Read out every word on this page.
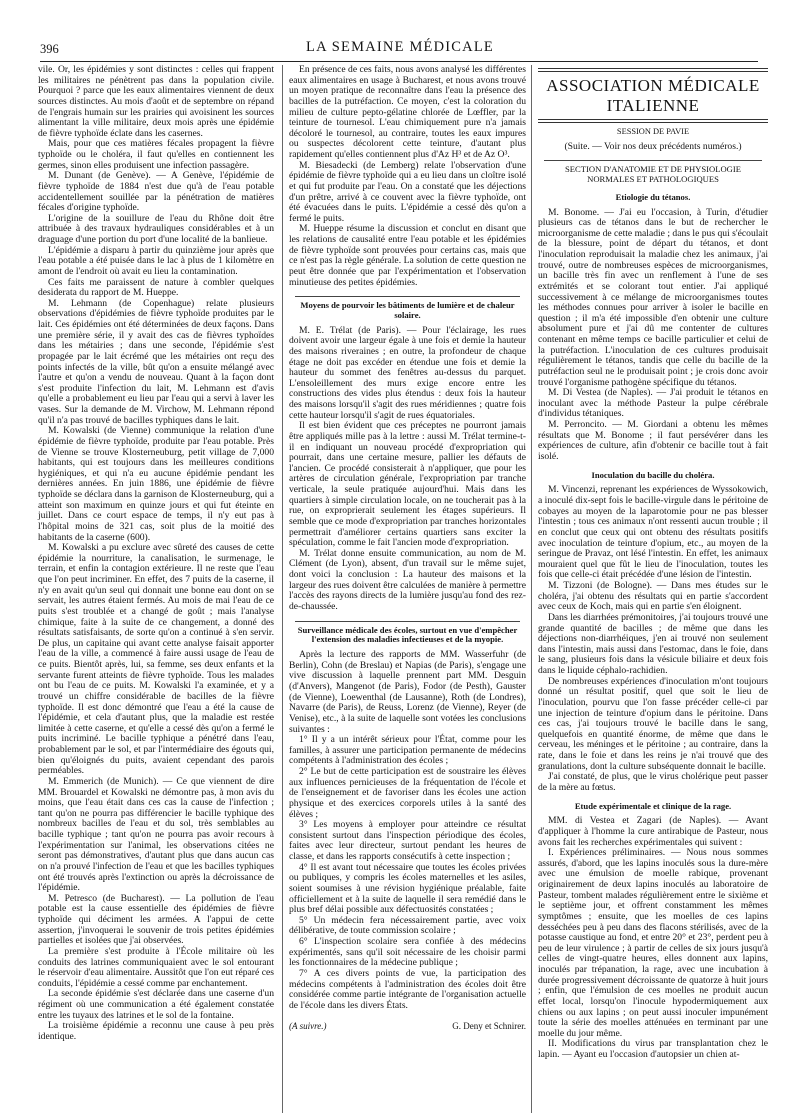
396	LA SEMAINE MÉDICALE

vile. Or, les épidémies y sont distinctes : celles qui frappent les militaires ne pénètrent pas dans la population civile. Pourquoi ? parce que les eaux alimentaires viennent de deux sources distinctes. Au mois d'août et de septembre on répand de l'engrais humain sur les prairies qui avoisinent les sources alimentant la ville militaire, deux mois après une épidémie de fièvre typhoïde éclate dans les casernes.

Mais, pour que ces matières fécales propagent la fièvre typhoïde ou le choléra, il faut qu'elles en contiennent les germes, sinon elles produisent une infection passagère.

M. Dunant (de Genève). — A Genève, l'épidémie de fièvre typhoïde de 1884 n'est due qu'à de l'eau potable accidentellement souillée par la pénétration de matières fécales d'origine typhoïde.

L'origine de la souillure de l'eau du Rhône doit être attribuée à des travaux hydrauliques considérables et à un draguage d'une portion du port d'une localité de la banlieue.

L'épidémie a disparu à partir du quinzième jour après que l'eau potable a été puisée dans le lac à plus de 1 kilomètre en amont de l'endroit où avait eu lieu la contamination.

Ces faits me paraissent de nature à combler quelques desiderata du rapport de M. Hueppe.

M. Lehmann (de Copenhague) relate plusieurs observations d'épidémies de fièvre typhoïde produites par le lait. Ces épidémies ont été déterminées de deux façons. Dans une première série, il y avait des cas de fièvres typhoïdes dans les métairies ; dans une seconde, l'épidémie s'est propagée par le lait écrémé que les métairies ont reçu des points infectés de la ville, bût qu'on a ensuite mélangé avec l'autre et qu'on a vendu de nouveau. Quant à la façon dont s'est produite l'infection du lait, M. Lehmann est d'avis qu'elle a probablement eu lieu par l'eau qui a servi à laver les vases. Sur la demande de M. Virchow, M. Lehmann répond qu'il n'a pas trouvé de bacilles typhiques dans le lait.

M. Kowalski (de Vienne) communique la relation d'une épidémie de fièvre typhoïde, produite par l'eau potable. Près de Vienne se trouve Klosterneuburg, petit village de 7,000 habitants, qui est toujours dans les meilleures conditions hygiéniques, et qui n'a eu aucune épidémie pendant les dernières années. En juin 1886, une épidémie de fièvre typhoïde se déclara dans la garnison de Klosterneuburg, qui a atteint son maximum en quinze jours et qui fut éteinte en juillet. Dans ce court espace de temps, il n'y eut pas à l'hôpital moins de 321 cas, soit plus de la moitié des habitants de la caserne (600).

M. Kowalski a pu exclure avec sûreté des causes de cette épidémie la nourriture, la canalisation, le surmenage, le terrain, et enfin la contagion extérieure. Il ne reste que l'eau que l'on peut incriminer. En effet, des 7 puits de la caserne, il n'y en avait qu'un seul qui donnait une bonne eau dont on se servait, les autres étaient fermés. Au mois de mai l'eau de ce puits s'est troublée et a changé de goût ; mais l'analyse chimique, faite à la suite de ce changement, a donné des résultats satisfaisants, de sorte qu'on a continué à s'en servir. De plus, un capitaine qui avant cette analyse faisait apporter l'eau de la ville, a commencé à faire aussi usage de l'eau de ce puits. Bientôt après, lui, sa femme, ses deux enfants et la servante furent atteints de fièvre typhoïde. Tous les malades ont bu l'eau de ce puits. M. Kowalski l'a examinée, et y a trouvé un chiffre considérable de bacilles de la fièvre typhoïde. Il est donc démontré que l'eau a été la cause de l'épidémie, et cela d'autant plus, que la maladie est restée limitée à cette caserne, et qu'elle a cessé dès qu'on a fermé le puits incriminé. Le bacille typhique a pénétré dans l'eau, probablement par le sol, et par l'intermédiaire des égouts qui, bien qu'éloignés du puits, avaient cependant des parois perméables.

M. Emmerich (de Munich). — Ce que viennent de dire MM. Brouardel et Kowalski ne démontre pas, à mon avis du moins, que l'eau était dans ces cas la cause de l'infection ; tant qu'on ne pourra pas différencier le bacille typhique des nombreux bacilles de l'eau et du sol, très semblables au bacille typhique ; tant qu'on ne pourra pas avoir recours à l'expérimentation sur l'animal, les observations citées ne seront pas démonstratives, d'autant plus que dans aucun cas on n'a prouvé l'infection de l'eau et que les bacilles typhiques ont été trouvés après l'extinction ou après la décroissance de l'épidémie.

M. Petresco (de Bucharest). — La pollution de l'eau potable est la cause essentielle des épidémies de fièvre typhoïde qui déciment les armées. A l'appui de cette assertion, j'invoquerai le souvenir de trois petites épidémies partielles et isolées que j'ai observées.

La première s'est produite à l'École militaire où les conduits des latrines communiquaient avec le sol entourant le réservoir d'eau alimentaire. Aussitôt que l'on eut réparé ces conduits, l'épidémie a cessé comme par enchantement.

La seconde épidémie s'est déclarée dans une caserne d'un régiment où une communication a été également constatée entre les tuyaux des latrines et le sol de la fontaine.

La troisième épidémie a reconnu une cause à peu près identique.

En présence de ces faits, nous avons analysé les différentes eaux alimentaires en usage à Bucharest, et nous avons trouvé un moyen pratique de reconnaître dans l'eau la présence des bacilles de la putréfaction. Ce moyen, c'est la coloration du milieu de culture pepto-gélatine chlorée de Lœffler, par la teinture de tournesol. L'eau chimiquement pure n'a jamais décoloré le tournesol, au contraire, toutes les eaux impures ou suspectes décolorent cette teinture, d'autant plus rapidement qu'elles contiennent plus d'Az H³ et de Az O³.

M. Biesadecki (de Lemberg) relate l'observation d'une épidémie de fièvre typhoïde qui a eu lieu dans un cloître isolé et qui fut produite par l'eau. On a constaté que les déjections d'un prêtre, arrivé à ce couvent avec la fièvre typhoïde, ont été évacuées dans le puits. L'épidémie a cessé dès qu'on a fermé le puits.

M. Hueppe résume la discussion et conclut en disant que les relations de causalité entre l'eau potable et les épidémies de fièvre typhoïde sont prouvées pour certains cas, mais que ce n'est pas la règle générale. La solution de cette question ne peut être donnée que par l'expérimentation et l'observation minutieuse des petites épidémies.

Moyens de pourvoir les bâtiments de lumière et de chaleur solaire.

M. E. Trélat (de Paris). — Pour l'éclairage, les rues doivent avoir une largeur égale à une fois et demie la hauteur des maisons riveraines ; en outre, la profondeur de chaque étage ne doit pas excéder en étendue une fois et demie la hauteur du sommet des fenêtres au-dessus du parquet. L'ensoleillement des murs exige encore entre les constructions des vides plus étendus : deux fois la hauteur des maisons lorsqu'il s'agit des rues méridiennes ; quatre fois cette hauteur lorsqu'il s'agit de rues équatoriales.

Il est bien évident que ces préceptes ne pourront jamais être appliqués mille pas à la lettre : aussi M. Trélat termine-t-il en indiquant un nouveau procédé d'expropriation qui pourrait, dans une certaine mesure, pallier les défauts de l'ancien. Ce procédé consisterait à n'appliquer, que pour les artères de circulation générale, l'expropriation par tranche verticale, la seule pratiquée aujourd'hui. Mais dans les quartiers à simple circulation locale, on ne toucherait pas à la rue, on exproprierait seulement les étages supérieurs. Il semble que ce mode d'expropriation par tranches horizontales permettrait d'améliorer certains quartiers sans exciter la spéculation, comme le fait l'ancien mode d'expropriation.

M. Trélat donne ensuite communication, au nom de M. Clément (de Lyon), absent, d'un travail sur le même sujet, dont voici la conclusion : La hauteur des maisons et la largeur des rues doivent être calculées de manière à permettre l'accès des rayons directs de la lumière jusqu'au fond des rez-de-chaussée.

Surveillance médicale des écoles, surtout en vue d'empêcher l'extension des maladies infectieuses et de la myopie.

Après la lecture des rapports de MM. Wasserfuhr (de Berlin), Cohn (de Breslau) et Napias (de Paris), s'engage une vive discussion à laquelle prennent part MM. Desguin (d'Anvers), Mangenot (de Paris), Fodor (de Pesth), Gauster (de Vienne), Loewenthal (de Lausanne), Roth (de Londres), Navarre (de Paris), de Reuss, Lorenz (de Vienne), Reyer (de Venise), etc., à la suite de laquelle sont votées les conclusions suivantes :

1° Il y a un intérêt sérieux pour l'État, comme pour les familles, à assurer une participation permanente de médecins compétents à l'administration des écoles ;

2° Le but de cette participation est de soustraire les élèves aux influences pernicieuses de la fréquentation de l'école et de l'enseignement et de favoriser dans les écoles une action physique et des exercices corporels utiles à la santé des élèves ;

3° Les moyens à employer pour atteindre ce résultat consistent surtout dans l'inspection périodique des écoles, faites avec leur directeur, surtout pendant les heures de classe, et dans les rapports consécutifs à cette inspection ;

4° Il est avant tout nécessaire que toutes les écoles privées ou publiques, y compris les écoles maternelles et les asiles, soient soumises à une révision hygiénique préalable, faite officiellement et à la suite de laquelle il sera remédié dans le plus bref délai possible aux défectuosités constatées ;

5° Un médecin fera nécessairement partie, avec voix délibérative, de toute commission scolaire ;

6° L'inspection scolaire sera confiée à des médecins expérimentés, sans qu'il soit nécessaire de les choisir parmi les fonctionnaires de la médecine publique ;

7° A ces divers points de vue, la participation des médecins compétents à l'administration des écoles doit être considérée comme partie intégrante de l'organisation actuelle de l'école dans les divers États.

(A suivre.)	G. Deny et Schnirer.
ASSOCIATION MÉDICALE ITALIENNE

SESSION DE PAVIE

(Suite. — Voir nos deux précédents numéros.)

SECTION D'ANATOMIE ET DE PHYSIOLOGIE NORMALES ET PATHOLOGIQUES
Etiologie du tétanos.

M. Bonome. — J'ai eu l'occasion, à Turin, d'étudier plusieurs cas de tétanos dans le but de rechercher le microorganisme de cette maladie ; dans le pus qui s'écoulait de la blessure, point de départ du tétanos, et dont l'inoculation reproduisait la maladie chez les animaux, j'ai trouvé, outre de nombreuses espèces de microorganismes, un bacille très fin avec un renflement à l'une de ses extrémités et se colorant tout entier. J'ai appliqué successivement à ce mélange de microorganismes toutes les méthodes connues pour arriver à isoler le bacille en question ; il m'a été impossible d'en obtenir une culture absolument pure et j'ai dû me contenter de cultures contenant en même temps ce bacille particulier et celui de la putréfaction. L'inoculation de ces cultures produisait régulièrement le tétanos, tandis que celle du bacille de la putréfaction seul ne le produisait point ; je crois donc avoir trouvé l'organisme pathogène spécifique du tétanos.

M. Di Vestea (de Naples). — J'ai produit le tétanos en inoculant avec la méthode Pasteur la pulpe cérébrale d'individus tétaniques.

M. Perroncito. — M. Giordani a obtenu les mêmes résultats que M. Bonome ; il faut persévérer dans les expériences de culture, afin d'obtenir ce bacille tout à fait isolé.

Inoculation du bacille du choléra.

M. Vincenzi, reprenant les expériences de Wyssokowich, a inoculé dix-sept fois le bacille-virgule dans le péritoine de cobayes au moyen de la laparotomie pour ne pas blesser l'intestin ; tous ces animaux n'ont ressenti aucun trouble ; il en conclut que ceux qui ont obtenu des résultats positifs avec inoculation de teinture d'opium, etc., au moyen de la seringue de Pravaz, ont lésé l'intestin. En effet, les animaux mouraient quel que fût le lieu de l'inoculation, toutes les fois que celle-ci était précédée d'une lésion de l'intestin.

M. Tizzoni (de Bologne). — Dans mes études sur le choléra, j'ai obtenu des résultats qui en partie s'accordent avec ceux de Koch, mais qui en partie s'en éloignent.

Dans les diarrhées prémonitoires, j'ai toujours trouvé une grande quantité de bacilles ; de même que dans les déjections non-diarrhéiques, j'en ai trouvé non seulement dans l'intestin, mais aussi dans l'estomac, dans le foie, dans le sang, plusieurs fois dans la vésicule biliaire et deux fois dans le liquide céphalo-rachidien.

De nombreuses expériences d'inoculation m'ont toujours donné un résultat positif, quel que soit le lieu de l'inoculation, pourvu que l'on fasse précéder celle-ci par une injection de teinture d'opium dans le péritoine. Dans ces cas, j'ai toujours trouvé le bacille dans le sang, quelquefois en quantité énorme, de même que dans le cerveau, les méninges et le péritoine ; au contraire, dans la rate, dans le foie et dans les reins je n'ai trouvé que des granulations, dont la culture subséquente donnait le bacille.

J'ai constaté, de plus, que le virus cholérique peut passer de la mère au fœtus.

Etude expérimentale et clinique de la rage.

MM. di Vestea et Zagari (de Naples). — Avant d'appliquer à l'homme la cure antirabique de Pasteur, nous avons fait les recherches expérimentales qui suivent :

I. Expériences préliminaires. — Nous nous sommes assurés, d'abord, que les lapins inoculés sous la dure-mère avec une émulsion de moelle rabique, provenant originairement de deux lapins inoculés au laboratoire de Pasteur, tombent malades régulièrement entre le sixième et le septième jour, et offrent constamment les mêmes symptômes ; ensuite, que les moelles de ces lapins desséchées peu à peu dans des flacons stérilisés, avec de la potasse caustique au fond, et entre 20° et 23°, perdent peu à peu de leur virulence ; à partir de celles de six jours jusqu'à celles de vingt-quatre heures, elles donnent aux lapins, inoculés par trépanation, la rage, avec une incubation à durée progressivement décroissante de quatorze à huit jours ; enfin, que l'émulsion de ces moelles ne produit aucun effet local, lorsqu'on l'inocule hypodermiquement aux chiens ou aux lapins ; on peut aussi inoculer impunément toute la série des moelles atténuées en terminant par une moelle du jour même.

II. Modifications du virus par transplantation chez le lapin. — Ayant eu l'occasion d'autopsier un chien at-
